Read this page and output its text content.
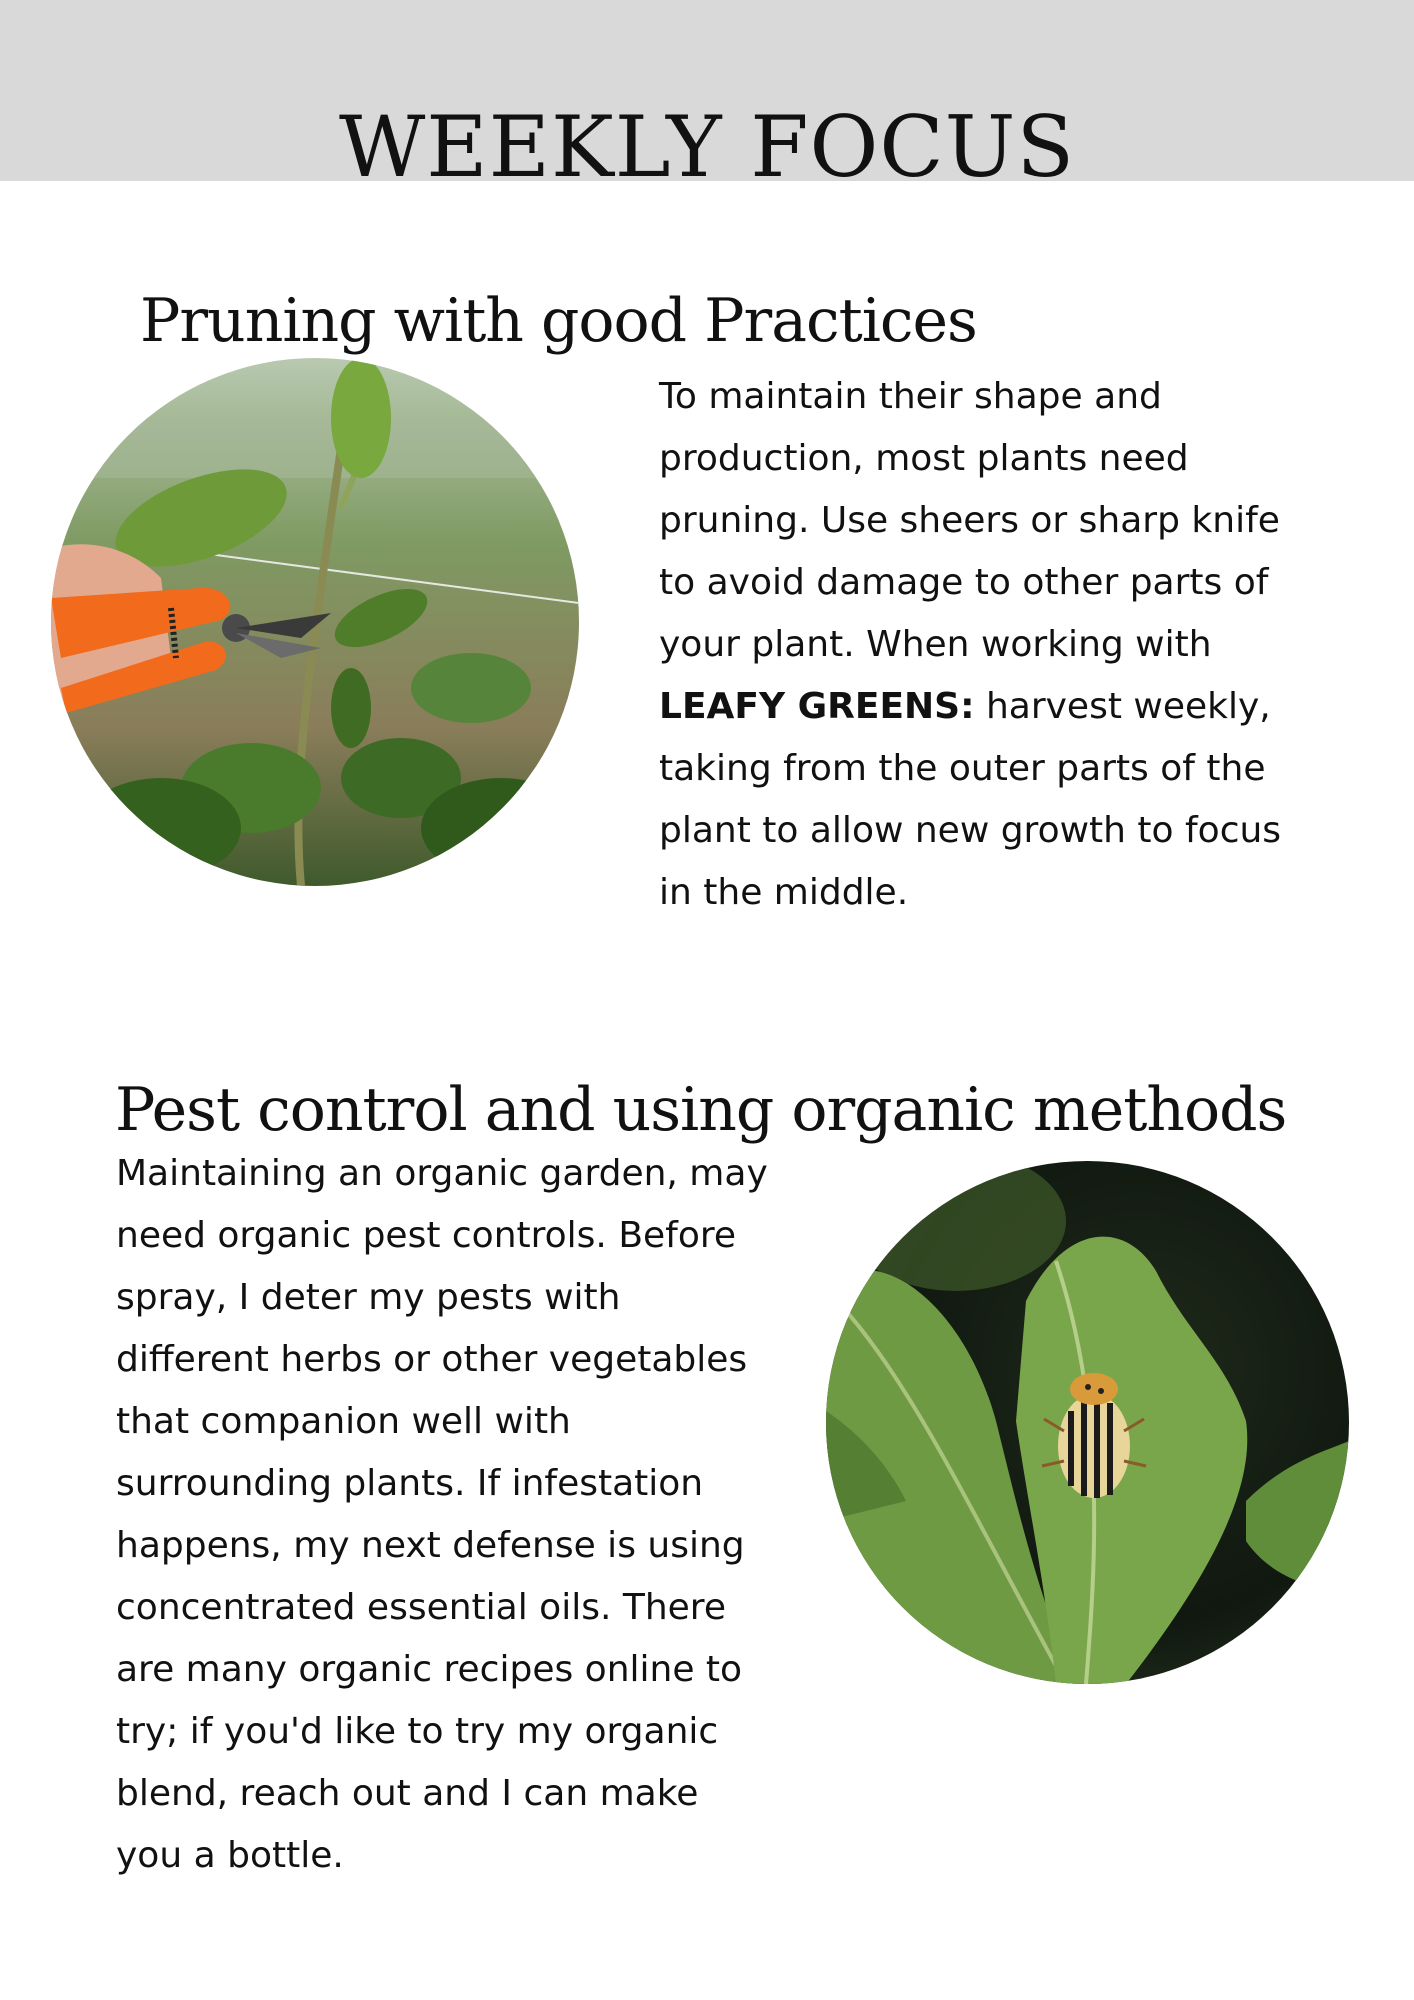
WEEKLY FOCUS
Pruning with good Practices

To maintain their shape and

production, most plants need

pruning. Use sheers or sharp knife

to avoid damage to other parts of

your plant. When working with

LEAFY GREENS: harvest weekly,

taking from the outer parts of the

plant to allow new growth to focus

in the middle.

Pest control and using organic methods

Maintaining an organic garden, may

need organic pest controls. Before

spray, I deter my pests with

different herbs or other vegetables

that companion well with

surrounding plants. If infestation

happens, my next defense is using

concentrated essential oils. There

are many organic recipes online to

try; if you'd like to try my organic

blend, reach out and I can make

you a bottle.
